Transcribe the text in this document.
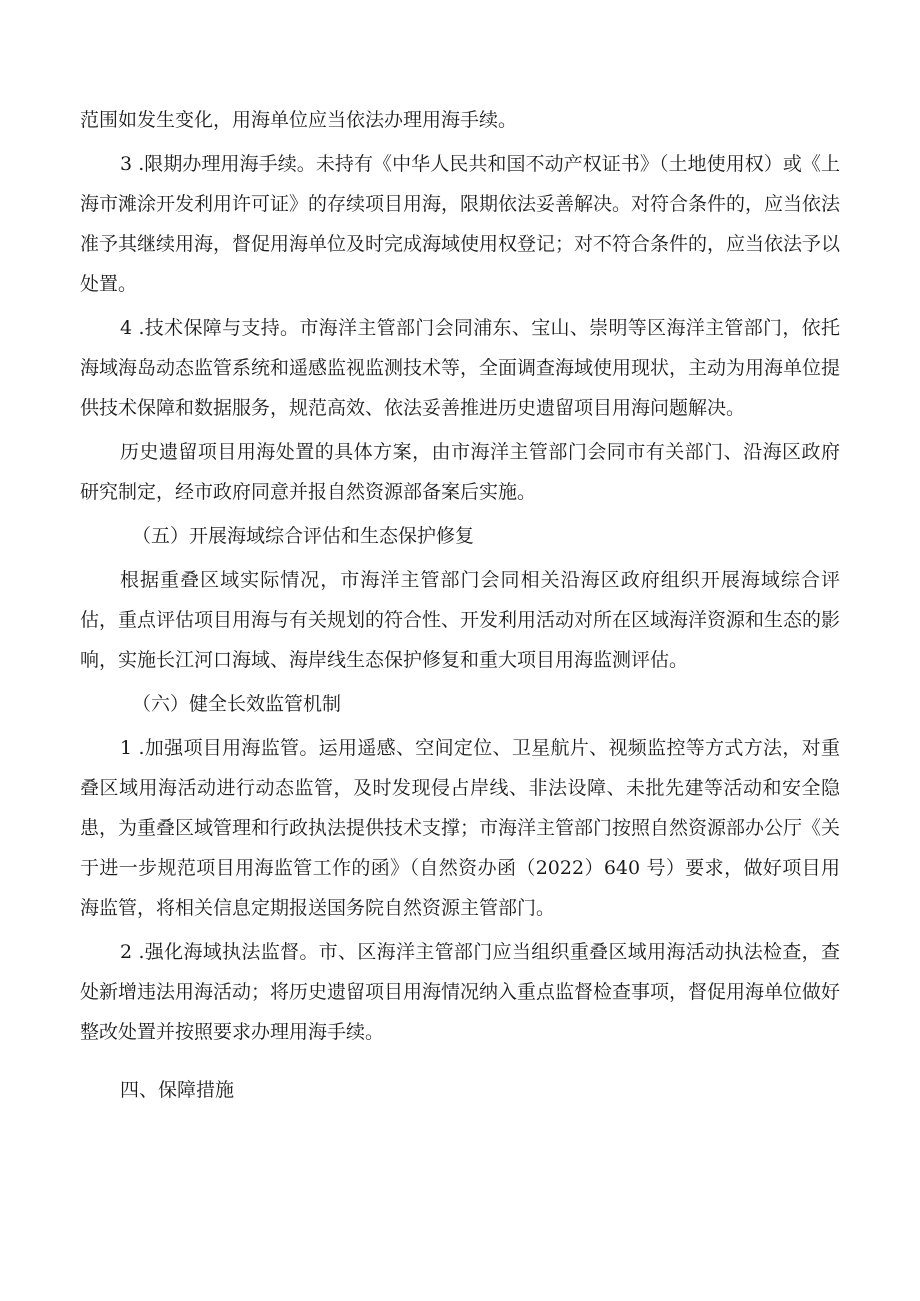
范围如发生变化，用海单位应当依法办理用海手续。

3 .限期办理用海手续。未持有《中华人民共和国不动产权证书》（土地使用权）或《上海市滩涂开发利用许可证》的存续项目用海，限期依法妥善解决。对符合条件的，应当依法准予其继续用海，督促用海单位及时完成海域使用权登记；对不符合条件的，应当依法予以处置。

4 .技术保障与支持。市海洋主管部门会同浦东、宝山、崇明等区海洋主管部门，依托海域海岛动态监管系统和遥感监视监测技术等，全面调查海域使用现状，主动为用海单位提供技术保障和数据服务，规范高效、依法妥善推进历史遗留项目用海问题解决。

历史遗留项目用海处置的具体方案，由市海洋主管部门会同市有关部门、沿海区政府研究制定，经市政府同意并报自然资源部备案后实施。

（五）开展海域综合评估和生态保护修复

根据重叠区域实际情况，市海洋主管部门会同相关沿海区政府组织开展海域综合评估，重点评估项目用海与有关规划的符合性、开发利用活动对所在区域海洋资源和生态的影响，实施长江河口海域、海岸线生态保护修复和重大项目用海监测评估。

（六）健全长效监管机制

1 .加强项目用海监管。运用遥感、空间定位、卫星航片、视频监控等方式方法，对重叠区域用海活动进行动态监管，及时发现侵占岸线、非法设障、未批先建等活动和安全隐患，为重叠区域管理和行政执法提供技术支撑；市海洋主管部门按照自然资源部办公厅《关于进一步规范项目用海监管工作的函》（自然资办函（2022）640 号）要求，做好项目用海监管，将相关信息定期报送国务院自然资源主管部门。

2 .强化海域执法监督。市、区海洋主管部门应当组织重叠区域用海活动执法检查，查处新增违法用海活动；将历史遗留项目用海情况纳入重点监督检查事项，督促用海单位做好整改处置并按照要求办理用海手续。

四、保障措施
